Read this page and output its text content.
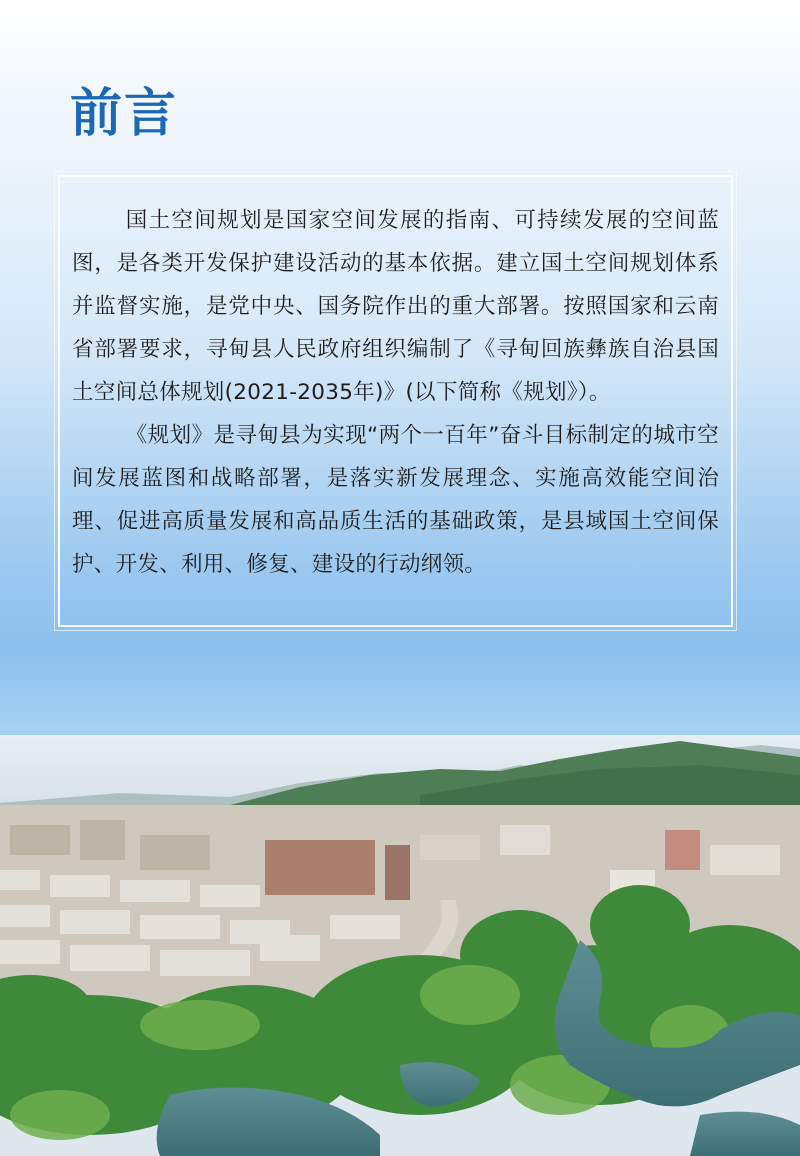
前言

国土空间规划是国家空间发展的指南、可持续发展的空间蓝图，是各类开发保护建设活动的基本依据。建立国土空间规划体系并监督实施，是党中央、国务院作出的重大部署。按照国家和云南省部署要求，寻甸县人民政府组织编制了《寻甸回族彝族自治县国土空间总体规划(2021-2035年)》(以下简称《规划》）。

《规划》是寻甸县为实现“两个一百年”奋斗目标制定的城市空间发展蓝图和战略部署，是落实新发展理念、实施高效能空间治理、促进高质量发展和高品质生活的基础政策，是县域国土空间保护、开发、利用、修复、建设的行动纲领。
